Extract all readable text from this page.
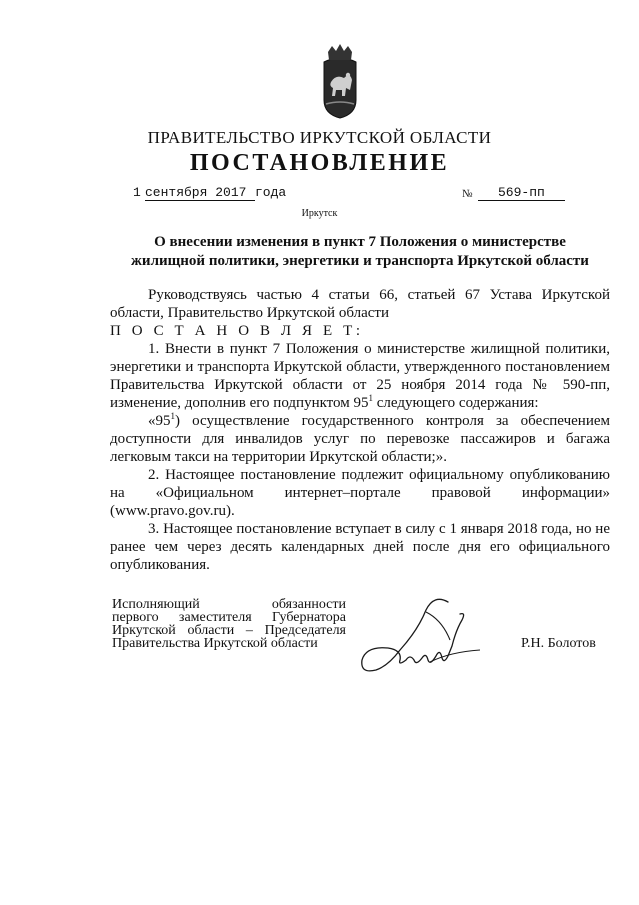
ПРАВИТЕЛЬСТВО ИРКУТСКОЙ ОБЛАСТИ
ПОСТАНОВЛЕНИЕ
1 сентября 2017 года	№	569-пп
Иркутск
О внесении изменения в пункт 7 Положения о министерстве
жилищной политики, энергетики и транспорта Иркутской области

Руководствуясь частью 4 статьи 66, статьей 67 Устава Иркутской области, Правительство Иркутской области

П О С Т А Н О В Л Я Е Т:

1. Внести в пункт 7 Положения о министерстве жилищной политики, энергетики и транспорта Иркутской области, утвержденного постановлением Правительства Иркутской области от 25 ноября 2014 года № 590-пп, изменение, дополнив его подпунктом $95^1$ следующего содержания:

«$95^1$) осуществление государственного контроля за обеспечением доступности для инвалидов услуг по перевозке пассажиров и багажа легковым такси на территории Иркутской области;».

2. Настоящее постановление подлежит официальному опубликованию

на «Официальном интернет–портале правовой информации»

(www.pravo.gov.ru).

3. Настоящее постановление вступает в силу с 1 января 2018 года, но не ранее чем через десять календарных дней после дня его официального опубликования.

Исполняющий обязанности
первого заместителя Губернатора
Иркутской области – Председателя
Правительства Иркутской области	Р.Н. Болотов
